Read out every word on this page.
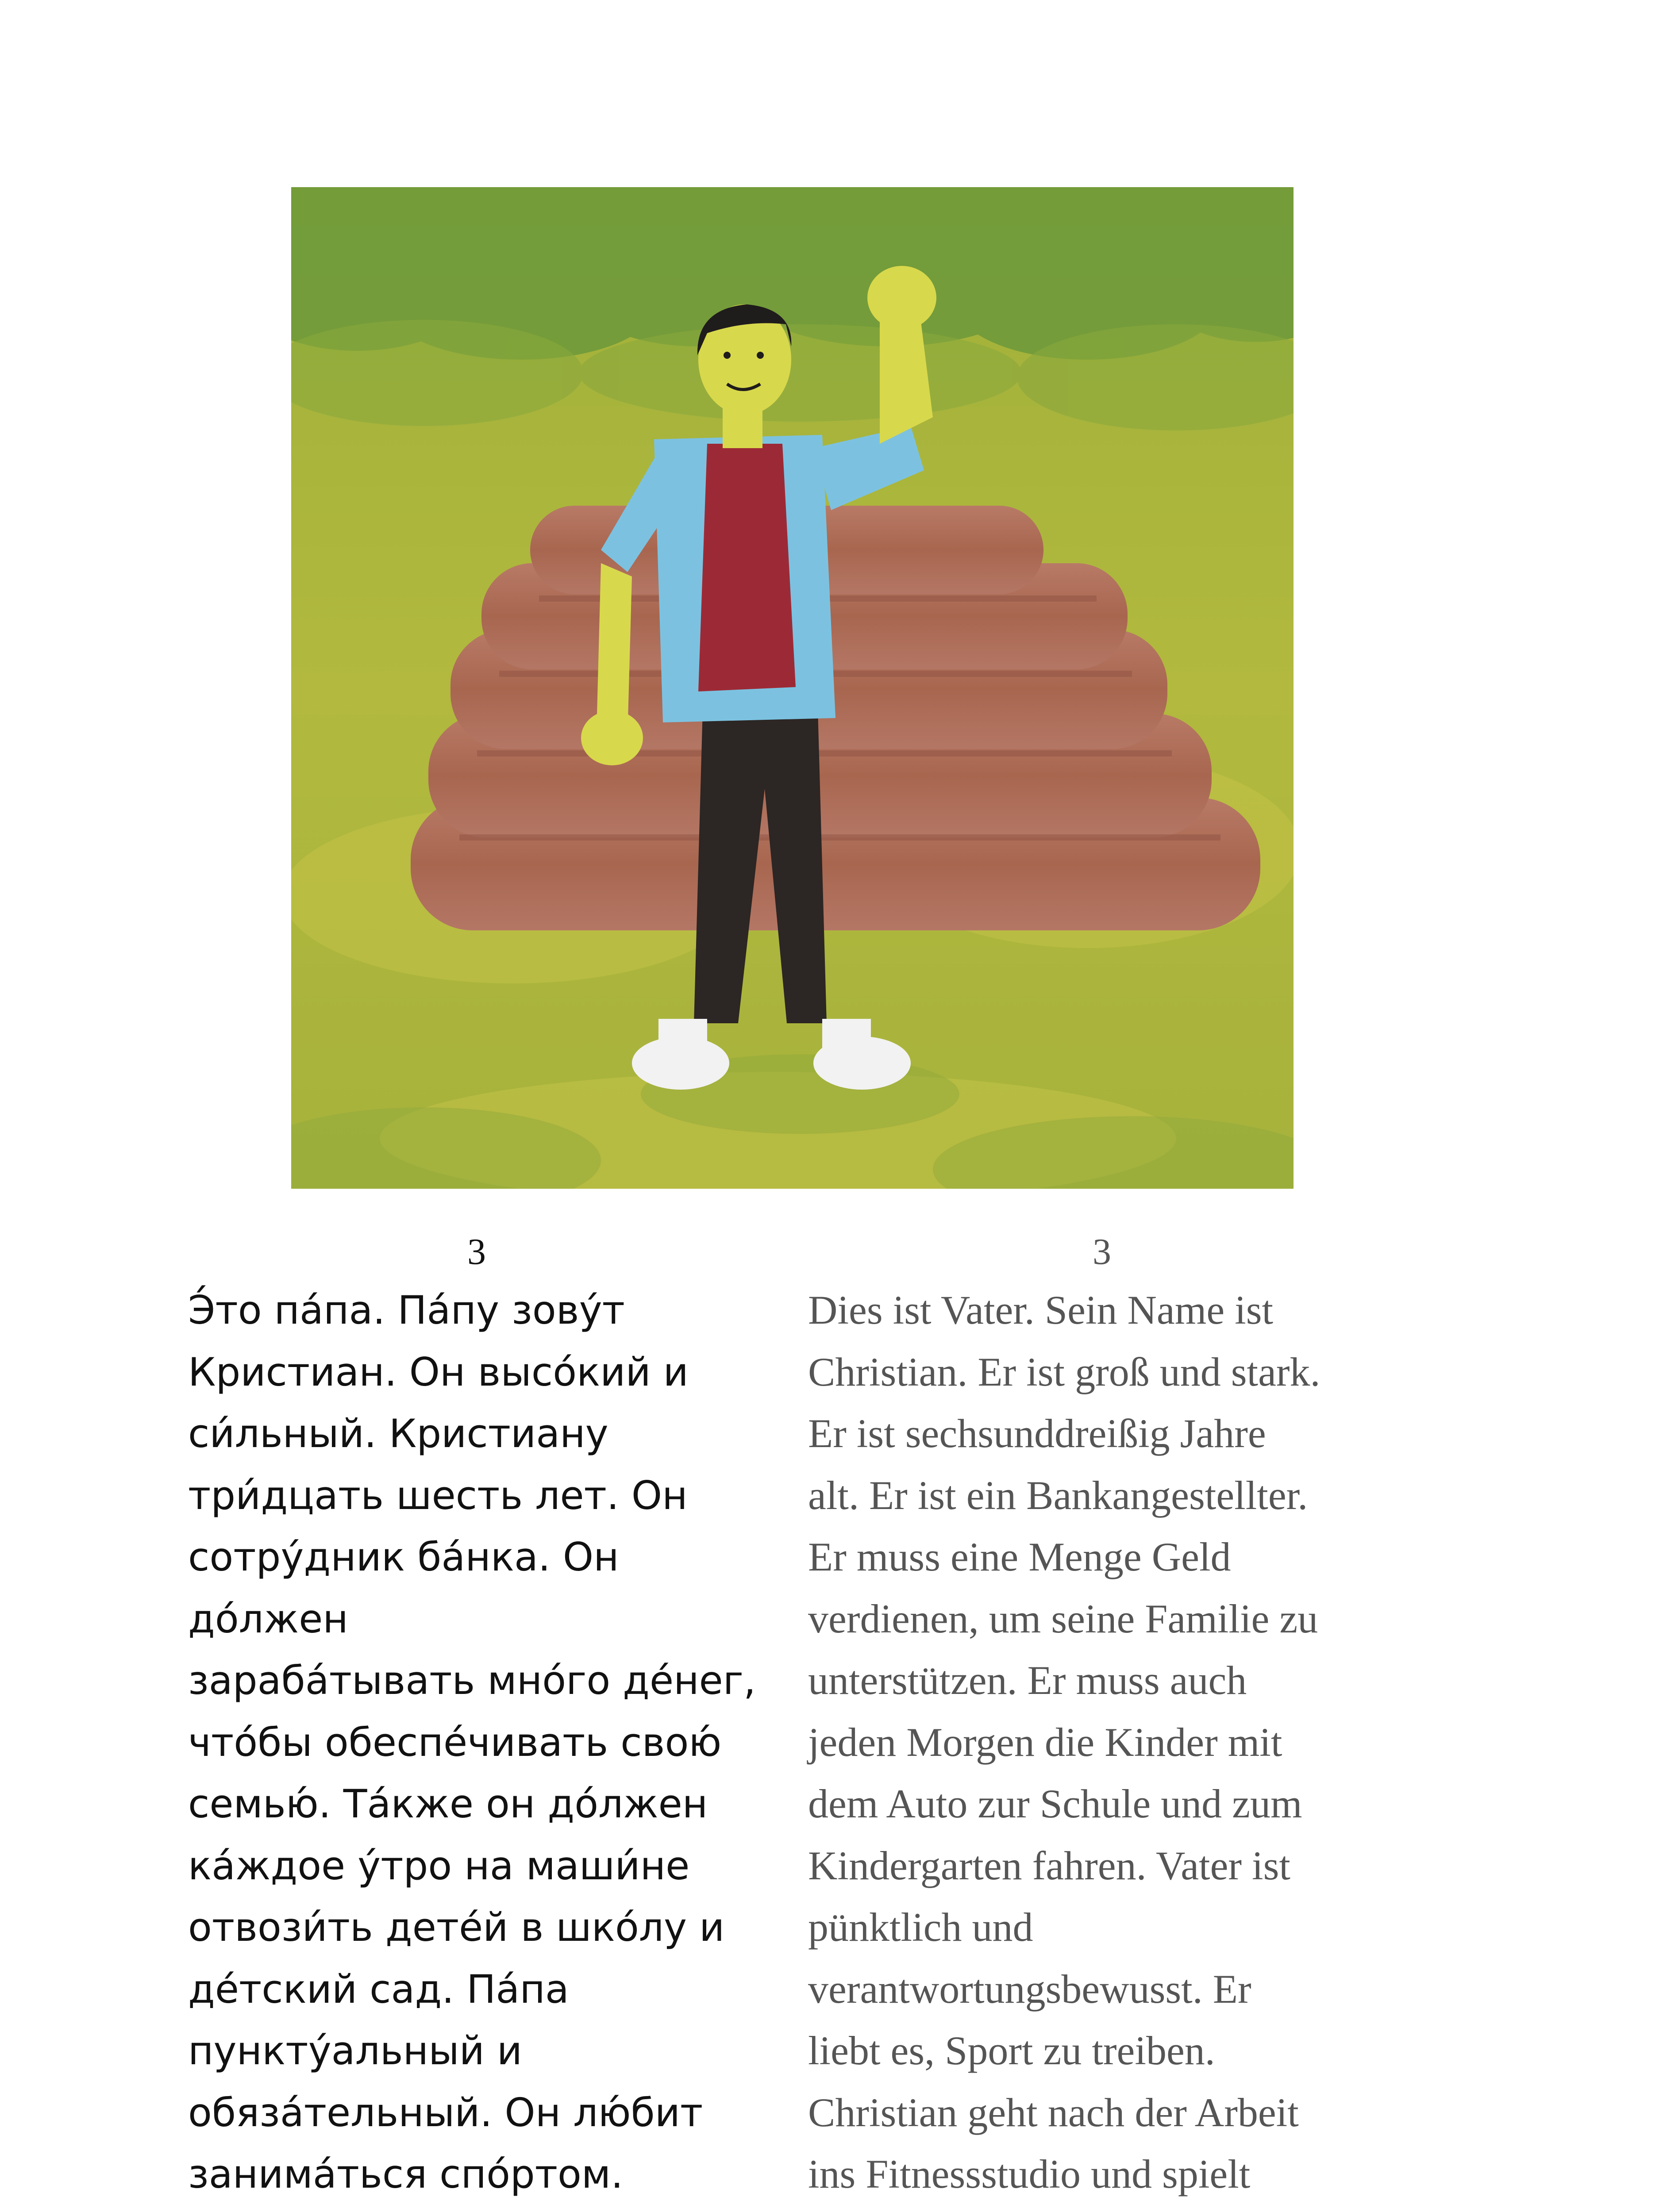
3	3

Э́то па́па. Па́пу зову́т
Кристиан. Он высо́кий и
си́льный. Кристиану
три́дцать шесть лет. Он
сотру́дник ба́нка. Он до́лжен
зараба́тывать мно́го де́нег,
что́бы обеспе́чивать свою́
семью́. Та́кже он до́лжен
ка́ждое у́тро на маши́не
отвози́ть дете́й в шко́лу и
де́тский сад. Па́па
пункту́альный и
обяза́тельный. Он лю́бит
занима́ться спо́ртом.

Dies ist Vater. Sein Name ist
Christian. Er ist groß und stark.
Er ist sechsunddreißig Jahre
alt. Er ist ein Bankangestellter.
Er muss eine Menge Geld
verdienen, um seine Familie zu
unterstützen. Er muss auch
jeden Morgen die Kinder mit
dem Auto zur Schule und zum
Kindergarten fahren. Vater ist
pünktlich und
verantwortungsbewusst. Er
liebt es, Sport zu treiben.
Christian geht nach der Arbeit
ins Fitnessstudio und spielt
